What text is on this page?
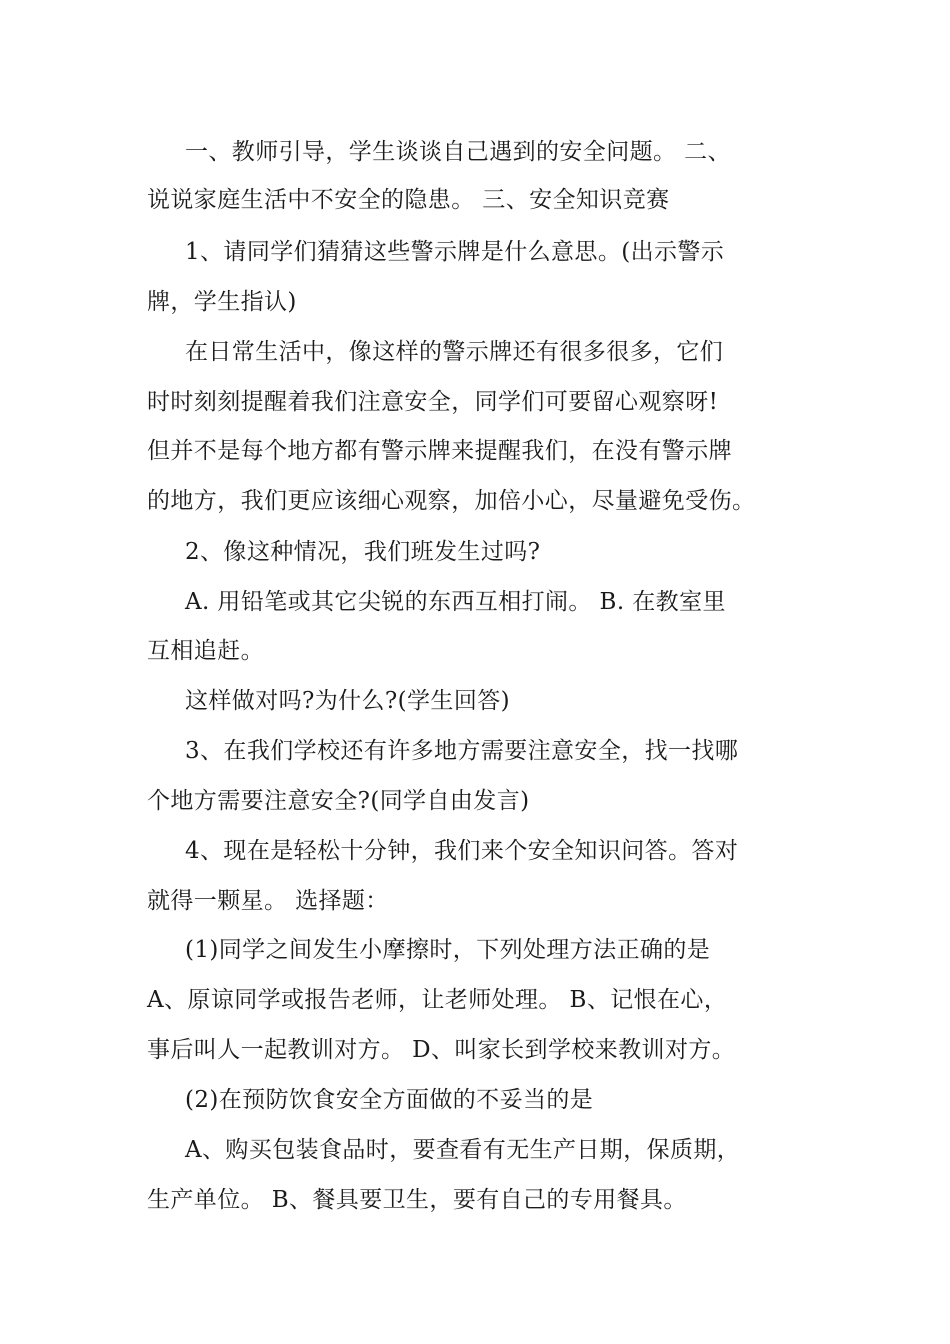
一、教师引导，学生谈谈自己遇到的安全问题。 二、
说说家庭生活中不安全的隐患。 三、安全知识竞赛
1、请同学们猜猜这些警示牌是什么意思。(出示警示
牌，学生指认)
在日常生活中，像这样的警示牌还有很多很多，它们
时时刻刻提醒着我们注意安全，同学们可要留心观察呀!
但并不是每个地方都有警示牌来提醒我们，在没有警示牌
的地方，我们更应该细心观察，加倍小心，尽量避免受伤。
2、像这种情况，我们班发生过吗?
A. 用铅笔或其它尖锐的东西互相打闹。 B. 在教室里
互相追赶。
这样做对吗?为什么?(学生回答)
3、在我们学校还有许多地方需要注意安全，找一找哪
个地方需要注意安全?(同学自由发言)
4、现在是轻松十分钟，我们来个安全知识问答。答对
就得一颗星。 选择题：
(1)同学之间发生小摩擦时，下列处理方法正确的是
A、原谅同学或报告老师，让老师处理。 B、记恨在心，
事后叫人一起教训对方。 D、叫家长到学校来教训对方。
(2)在预防饮食安全方面做的不妥当的是
A、购买包装食品时，要查看有无生产日期，保质期，
生产单位。 B、餐具要卫生，要有自己的专用餐具。
